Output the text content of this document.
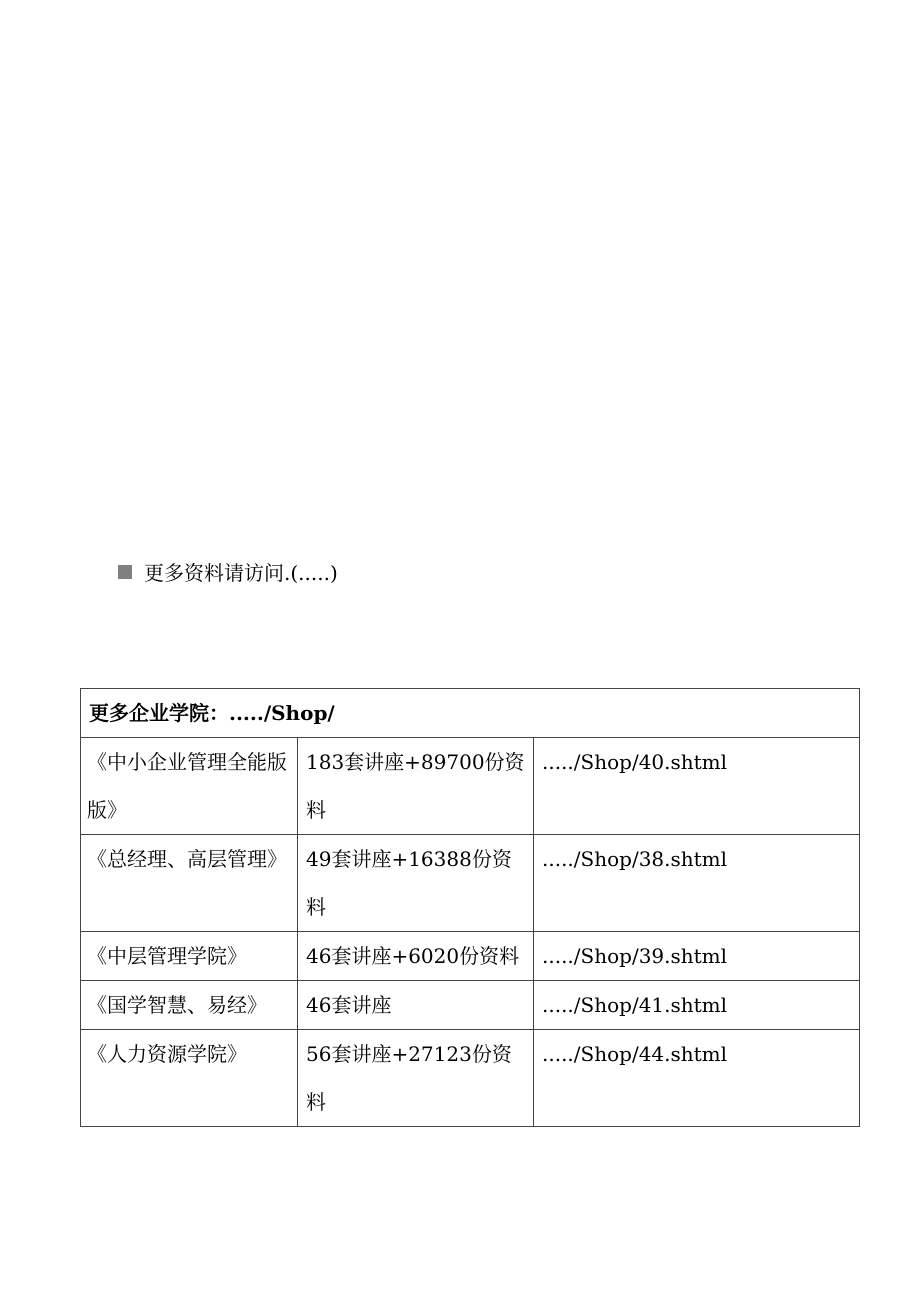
更多资料请访问.(.....)
更多企业学院：...../Shop/		
《中小企业管理全能版版》	183套讲座+89700份资料	...../Shop/40.shtml
《总经理、高层管理》	49套讲座+16388份资料	...../Shop/38.shtml
《中层管理学院》	46套讲座+6020份资料	...../Shop/39.shtml
《国学智慧、易经》	46套讲座	...../Shop/41.shtml
《人力资源学院》	56套讲座+27123份资料	...../Shop/44.shtml
